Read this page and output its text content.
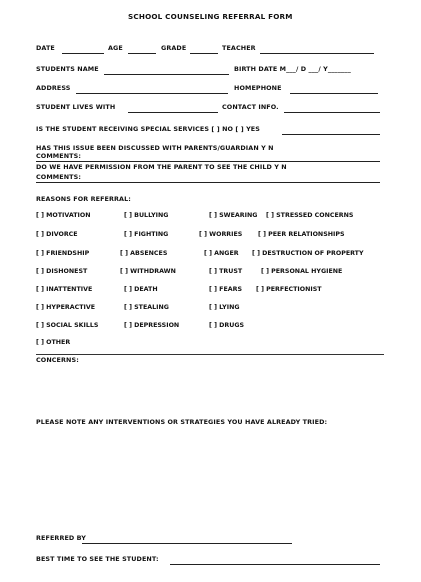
SCHOOL COUNSELING REFERRAL FORM
DATE	AGE	GRADE	TEACHER
STUDENTS NAME	BIRTH DATE M___/ D ___/ Y_______
ADDRESS	HOMEPHONE
STUDENT LIVES WITH	CONTACT INFO.
IS THE STUDENT RECEIVING SPECIAL SERVICES [ ] NO [ ] YES
HAS THIS ISSUE BEEN DISCUSSED WITH PARENTS/GUARDIAN Y N
COMMENTS:
DO WE HAVE PERMISSION FROM THE PARENT TO SEE THE CHILD Y N
COMMENTS:
REASONS FOR REFERRAL:
[ ] MOTIVATION	[ ] BULLYING	[ ] SWEARING [ ] STRESSED CONCERNS
[ ] DIVORCE	[ ] FIGHTING	[ ] WORRIES [ ] PEER RELATIONSHIPS
[ ] FRIENDSHIP	[ ] ABSENCES	[ ] ANGER [ ] DESTRUCTION OF PROPERTY
[ ] DISHONEST	[ ] WITHDRAWN	[ ] TRUST	[ ] PERSONAL HYGIENE
[ ] INATTENTIVE	[ ] DEATH	[ ] FEARS [ ] PERFECTIONIST
[ ] HYPERACTIVE	[ ] STEALING	[ ] LYING
[ ] SOCIAL SKILLS	[ ] DEPRESSION	[ ] DRUGS
[ ] OTHER
CONCERNS:
PLEASE NOTE ANY INTERVENTIONS OR STRATEGIES YOU HAVE ALREADY TRIED:
REFERRED BY
BEST TIME TO SEE THE STUDENT:
